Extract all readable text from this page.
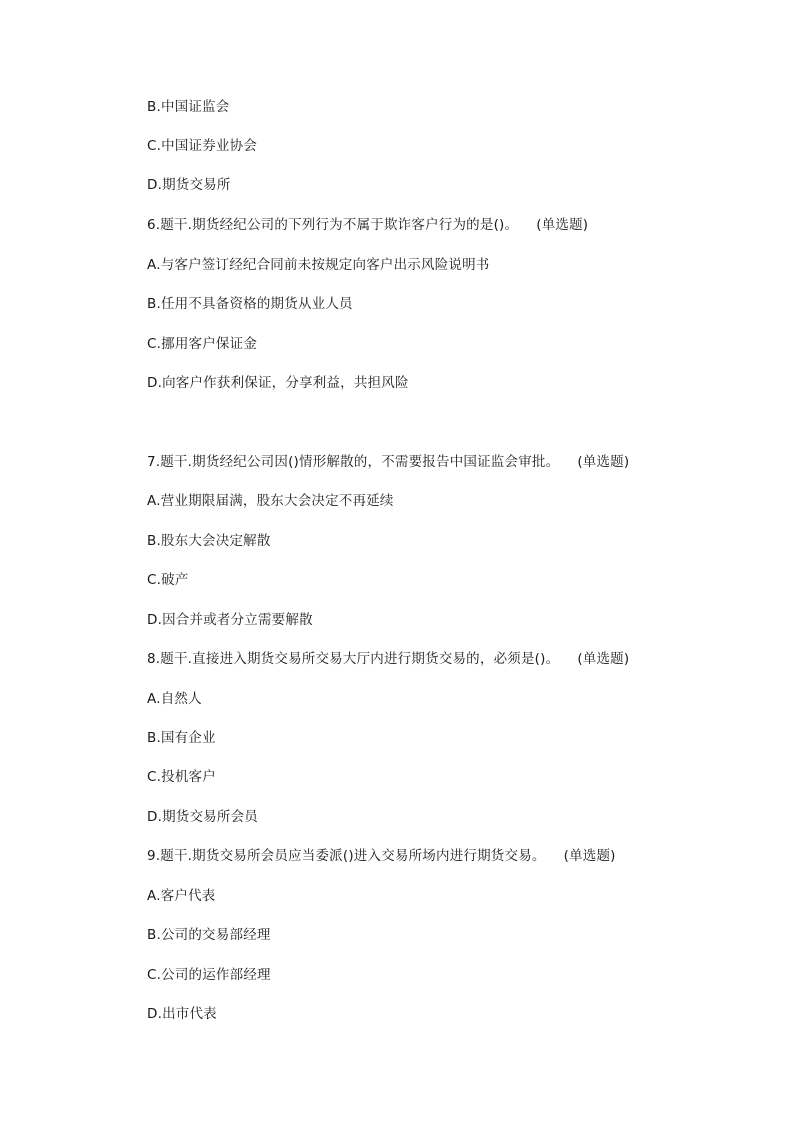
B.中国证监会
C.中国证券业协会
D.期货交易所
6.题干.期货经纪公司的下列行为不属于欺诈客户行为的是()。 (单选题)
A.与客户签订经纪合同前未按规定向客户出示风险说明书
B.任用不具备资格的期货从业人员
C.挪用客户保证金
D.向客户作获利保证，分享利益，共担风险
7.题干.期货经纪公司因()情形解散的，不需要报告中国证监会审批。 (单选题)
A.营业期限届满，股东大会决定不再延续
B.股东大会决定解散
C.破产
D.因合并或者分立需要解散
8.题干.直接进入期货交易所交易大厅内进行期货交易的，必须是()。 (单选题)
A.自然人
B.国有企业
C.投机客户
D.期货交易所会员
9.题干.期货交易所会员应当委派()进入交易所场内进行期货交易。 (单选题)
A.客户代表
B.公司的交易部经理
C.公司的运作部经理
D.出市代表
